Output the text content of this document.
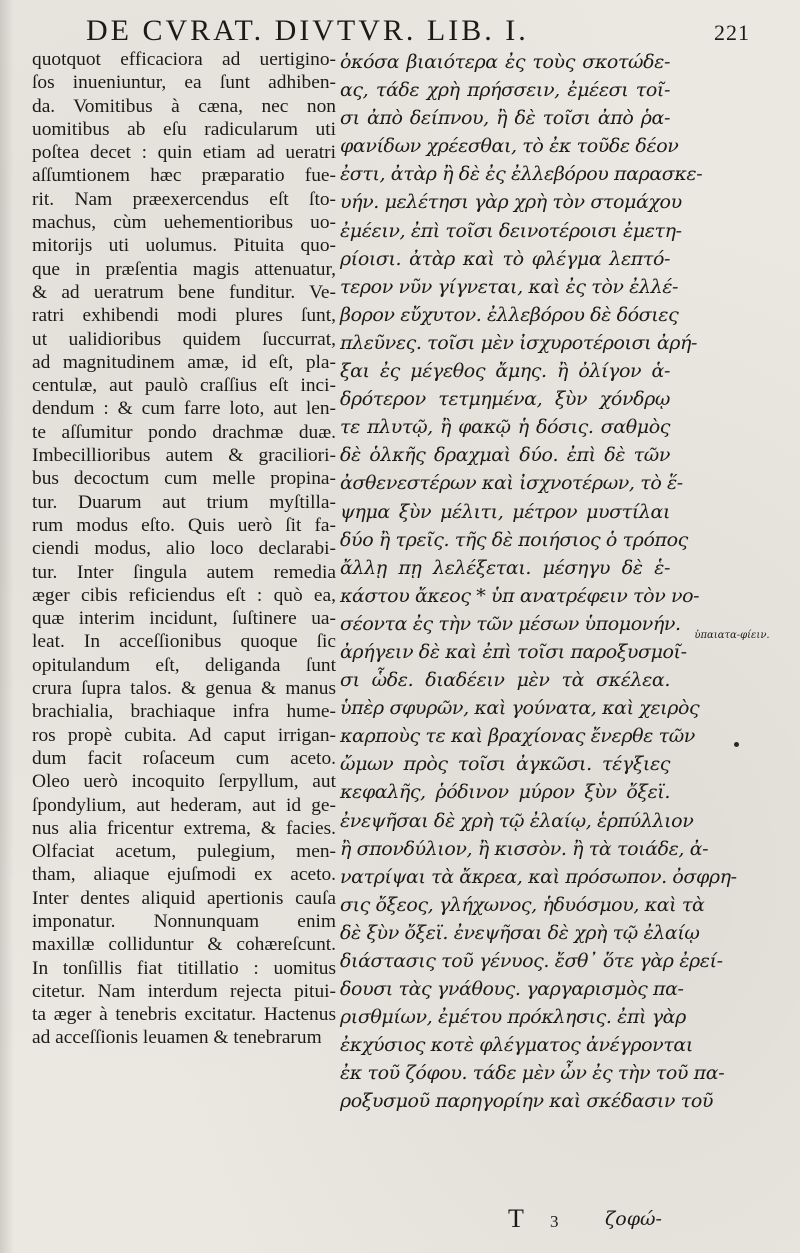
DE CVRAT. DIVTVR. LIB. I.	221
quotquot efficaciora ad uertigino-
ſos inueniuntur, ea ſunt adhiben-
da. Vomitibus à cæna, nec non
uomitibus ab eſu radicularum uti
poſtea decet : quin etiam ad ueratri
aſſumtionem hæc præparatio fue-
rit. Nam præexercendus eſt ſto-
machus, cùm uehementioribus uo-
mitorijs uti uolumus. Pituita quo-
que in præſentia magis attenuatur,
& ad ueratrum bene funditur. Ve-
ratri exhibendi modi plures ſunt,
ut ualidioribus quidem ſuccurrat,
ad magnitudinem amæ, id eſt, pla-
centulæ, aut paulò craſſius eſt inci-
dendum : & cum farre loto, aut len-
te aſſumitur pondo drachmæ duæ.
Imbecillioribus autem & graciliori-
bus decoctum cum melle propina-
tur. Duarum aut trium myſtilla-
rum modus eſto. Quis uerò ſit fa-
ciendi modus, alio loco declarabi-
tur. Inter ſingula autem remedia
æger cibis reficiendus eſt : quò ea,
quæ interim incidunt, ſuſtinere ua-
leat. In acceſſionibus quoque ſic
opitulandum eſt, deliganda ſunt
crura ſupra talos. & genua & manus
brachialia, brachiaque infra hume-
ros propè cubita. Ad caput irrigan-
dum facit roſaceum cum aceto.
Oleo uerò incoquito ſerpyllum, aut
ſpondylium, aut hederam, aut id ge-
nus alia fricentur extrema, & facies.
Olfaciat acetum, pulegium, men-
tham, aliaque ejuſmodi ex aceto.
Inter dentes aliquid apertionis cauſa
imponatur. Nonnunquam enim
maxillæ colliduntur & cohæreſcunt.
In tonſillis fiat titillatio : uomitus
citetur. Nam interdum rejecta pitui-
ta æger à tenebris excitatur. Hactenus
ad acceſſionis leuamen & tenebrarum
ὁκόσα βιαιότερα ἐς τοὺς σκοτώδε-
ας, τάδε χρὴ πρήσσειν, ἐμέεσι τοῖ-
σι ἀπὸ δείπνου, ἢ δὲ τοῖσι ἀπὸ ῥα-
φανίδων χρέεσθαι, τὸ ἐκ τοῦδε δέον
ἐστι, ἀτὰρ ἢ δὲ ἐς ἐλλεβόρου παρασκε-
υήν. μελέτησι γὰρ χρὴ τὸν στομάχου
ἐμέειν, ἐπὶ τοῖσι δεινοτέροισι ἐμετη-
ρίοισι. ἀτὰρ καὶ τὸ φλέγμα λεπτό-
τερον νῦν γίγνεται, καὶ ἐς τὸν ἐλλέ-
βορον εὔχυτον. ἐλλεβόρου δὲ δόσιες
πλεῦνες. τοῖσι μὲν ἰσχυροτέροισι ἀρή-
ξαι ἐς μέγεθος ἄμης. ἢ ὀλίγον ἁ-
δρότερον τετμημένα, ξὺν χόνδρῳ
τε πλυτῷ, ἢ φακῷ ἡ δόσις. σαθμὸς
δὲ ὁλκῆς δραχμαὶ δύο. ἐπὶ δὲ τῶν
ἀσθενεστέρων καὶ ἰσχνοτέρων, τὸ ἕ-
ψημα ξὺν μέλιτι, μέτρον μυστίλαι
δύο ἢ τρεῖς. τῆς δὲ ποιήσιος ὁ τρόπος
ἄλλῃ πῃ λελέξεται. μέσηγυ δὲ ἑ-
κάστου ἄκεος * ὑπ ανατρέφειν τὸν νο-
σέοντα ἐς τὴν τῶν μέσων ὑπομονήν.
ἀρήγειν δὲ καὶ ἐπὶ τοῖσι παροξυσμοῖ-
σι ὧδε. διαδέειν μὲν τὰ σκέλεα.
ὑπὲρ σφυρῶν, καὶ γούνατα, καὶ χειρὸς
καρποὺς τε καὶ βραχίονας ἔνερθε τῶν
ὤμων πρὸς τοῖσι ἀγκῶσι. τέγξιες
κεφαλῆς, ῥόδινον μύρον ξὺν ὄξεϊ.
ἐνεψῆσαι δὲ χρὴ τῷ ἐλαίῳ, ἑρπύλλιον
ἢ σπονδύλιον, ἢ κισσὸν. ἢ τὰ τοιάδε, ἀ-
νατρίψαι τὰ ἄκρεα, καὶ πρόσωπον. ὀσφρη-
σις ὄξεος, γλήχωνος, ἡδυόσμου, καὶ τὰ
δὲ ξὺν ὄξεϊ. ἐνεψῆσαι δὲ χρὴ τῷ ἐλαίῳ
διάστασις τοῦ γένυος. ἔσθ᾽ ὅτε γὰρ ἐρεί-
δουσι τὰς γνάθους. γαργαρισμὸς πα-
ρισθμίων, ἐμέτου πρόκλησις. ἐπὶ γὰρ
ἐκχύσιος κοτὲ φλέγματος ἀνέγρονται
ἐκ τοῦ ζόφου. τάδε μὲν ὦν ἐς τὴν τοῦ πα-
ροξυσμοῦ παρηγορίην καὶ σκέδασιν τοῦ
ὑπαιατα-φίειν.
T 3 ζοφώ-
